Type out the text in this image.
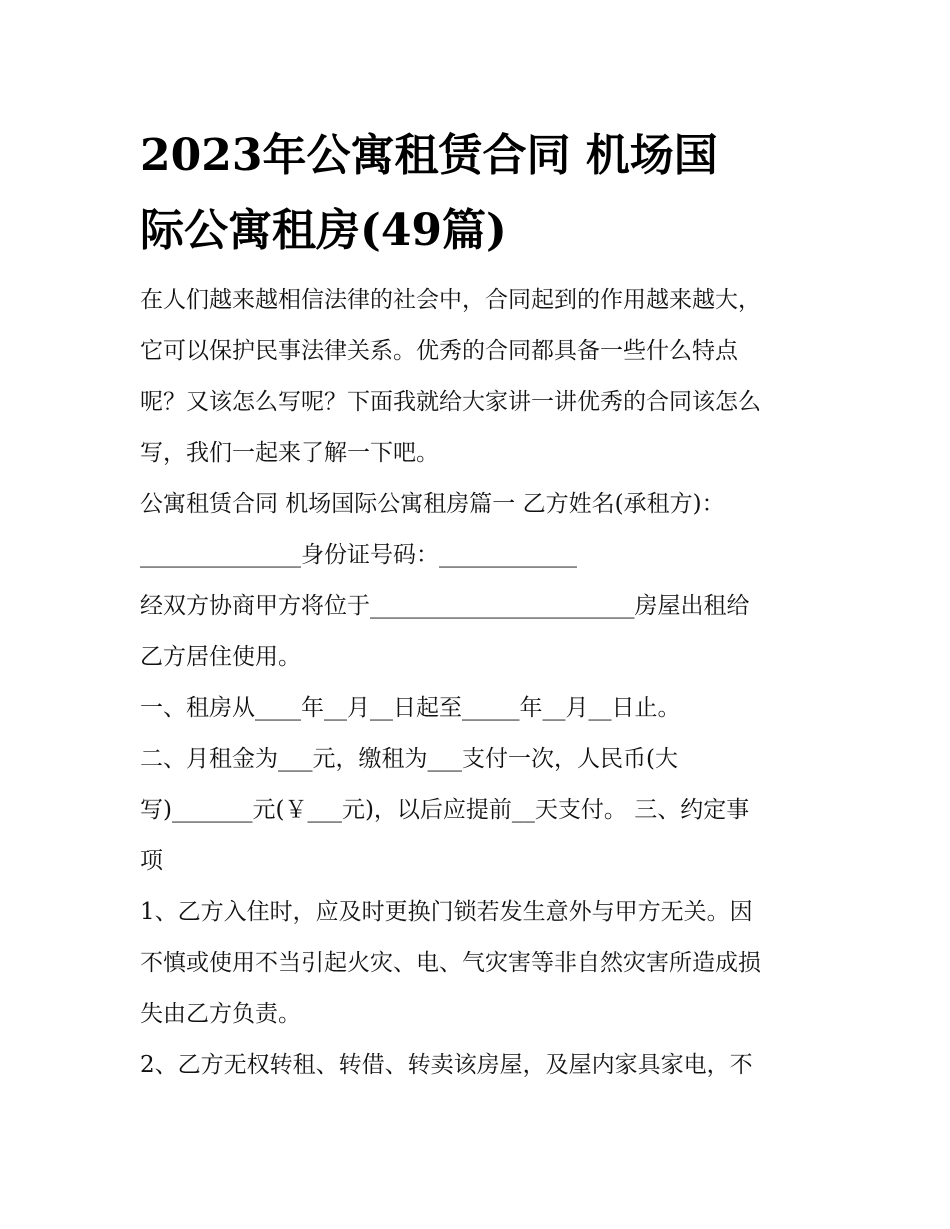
2023年公寓租赁合同 机场国
际公寓租房(49篇)
在人们越来越相信法律的社会中，合同起到的作用越来越大，
它可以保护民事法律关系。优秀的合同都具备一些什么特点
呢？又该怎么写呢？下面我就给大家讲一讲优秀的合同该怎么
写，我们一起来了解一下吧。
公寓租赁合同 机场国际公寓租房篇一 乙方姓名(承租方)：
______________身份证号码：____________
经双方协商甲方将位于_______________________房屋出租给
乙方居住使用。
一、租房从____年__月__日起至_____年__月__日止。
二、月租金为___元，缴租为___支付一次，人民币(大
写)_______元(￥___元)，以后应提前__天支付。 三、约定事
项
1、乙方入住时，应及时更换门锁若发生意外与甲方无关。因
不慎或使用不当引起火灾、电、气灾害等非自然灾害所造成损
失由乙方负责。
2、乙方无权转租、转借、转卖该房屋，及屋内家具家电，不
